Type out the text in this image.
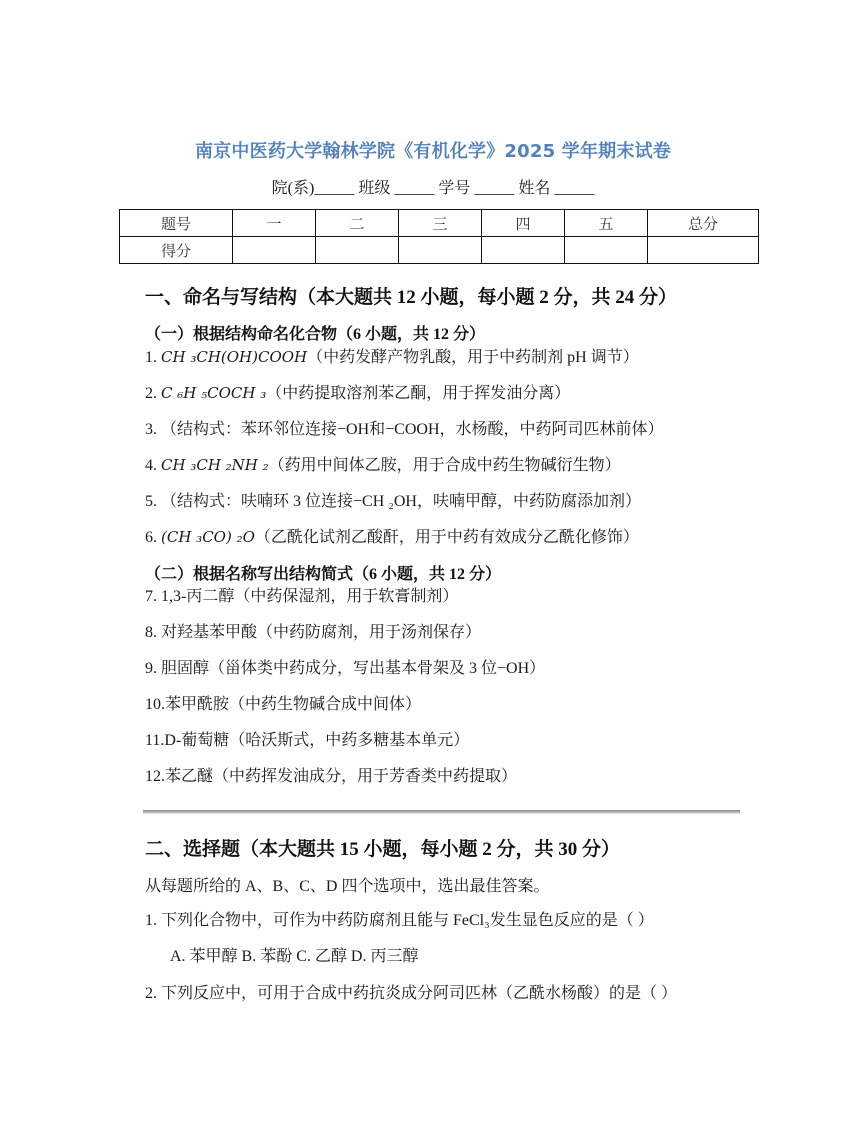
南京中医药大学翰林学院《有机化学》2025 学年期末试卷
院(系)_____ 班级 _____ 学号 _____ 姓名 _____
题号	一	二	三	四	五	总分
得分						
一、命名与写结构（本大题共 12 小题，每小题 2 分，共 24 分）
（一）根据结构命名化合物（6 小题，共 12 分）
1. CH ₃CH(OH)COOH（中药发酵产物乳酸，用于中药制剂 pH 调节）
2. C ₆H ₅COCH ₃（中药提取溶剂苯乙酮，用于挥发油分离）
3. （结构式：苯环邻位连接−OH和−COOH，水杨酸，中药阿司匹林前体）
4. CH ₃CH ₂NH ₂（药用中间体乙胺，用于合成中药生物碱衍生物）
5. （结构式：呋喃环 3 位连接−CH ₂OH，呋喃甲醇，中药防腐添加剂）
6. (CH ₃CO) ₂O（乙酰化试剂乙酸酐，用于中药有效成分乙酰化修饰）
（二）根据名称写出结构简式（6 小题，共 12 分）
7. 1,3-丙二醇（中药保湿剂，用于软膏制剂）
8. 对羟基苯甲酸（中药防腐剂，用于汤剂保存）
9. 胆固醇（甾体类中药成分，写出基本骨架及 3 位−OH）
10.苯甲酰胺（中药生物碱合成中间体）
11.D-葡萄糖（哈沃斯式，中药多糖基本单元）
12.苯乙醚（中药挥发油成分，用于芳香类中药提取）
二、选择题（本大题共 15 小题，每小题 2 分，共 30 分）
从每题所给的 A、B、C、D 四个选项中，选出最佳答案。
1. 下列化合物中，可作为中药防腐剂且能与 FeCl₃发生显色反应的是（ ）
A. 苯甲醇 B. 苯酚 C. 乙醇 D. 丙三醇
2. 下列反应中，可用于合成中药抗炎成分阿司匹林（乙酰水杨酸）的是（ ）
